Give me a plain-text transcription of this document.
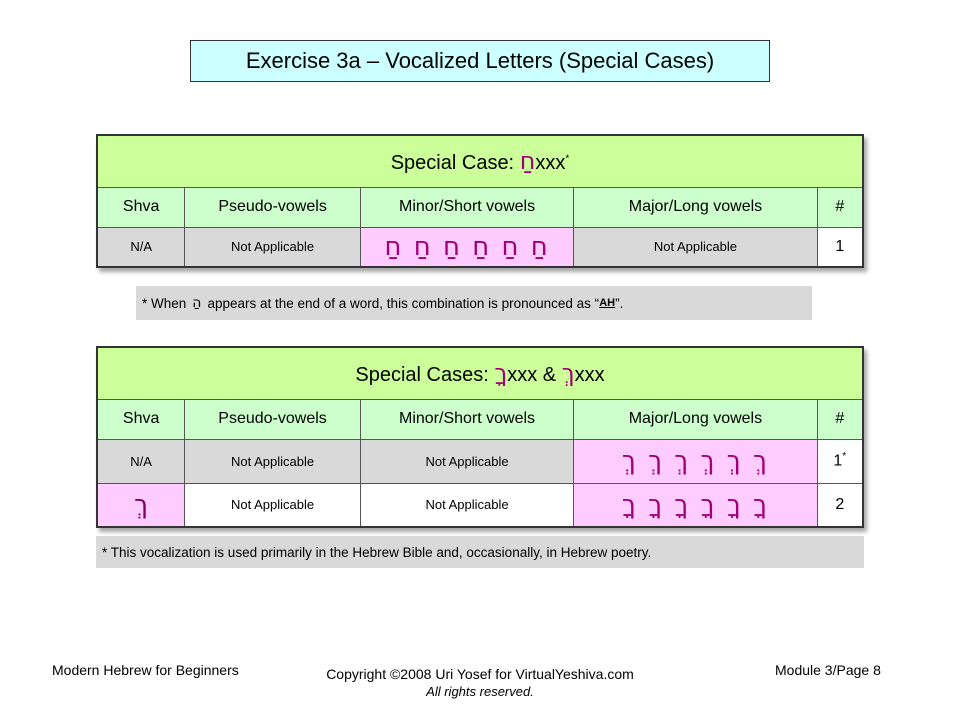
Exercise 3a – Vocalized Letters (Special Cases)
Special Case: חַxxx*
Shva	Pseudo-vowels	Minor/Short vowels	Major/Long vowels	#
N/A	Not Applicable	חַ חַ חַ חַ חַ חַ	Not Applicable	1
* When ַה appears at the end of a word, this combination is pronounced as “ AH ”.
Special Cases: ךָxxx & ךְxxx				
Shva	Pseudo-vowels	Minor/Short vowels	Major/Long vowels	#
N/A	Not Applicable	Not Applicable	ךְ ךְ ךְ ךְ ךְ ךְ	1*
ךְ	Not Applicable	Not Applicable	ךָ ךָ ךָ ךָ ךָ ךָ	2
* This vocalization is used primarily in the Hebrew Bible and, occasionally, in Hebrew poetry.
Modern Hebrew for Beginners	Copyright ©2008 Uri Yosef for VirtualYeshiva.com
All rights reserved.
Module 3/Page 8
